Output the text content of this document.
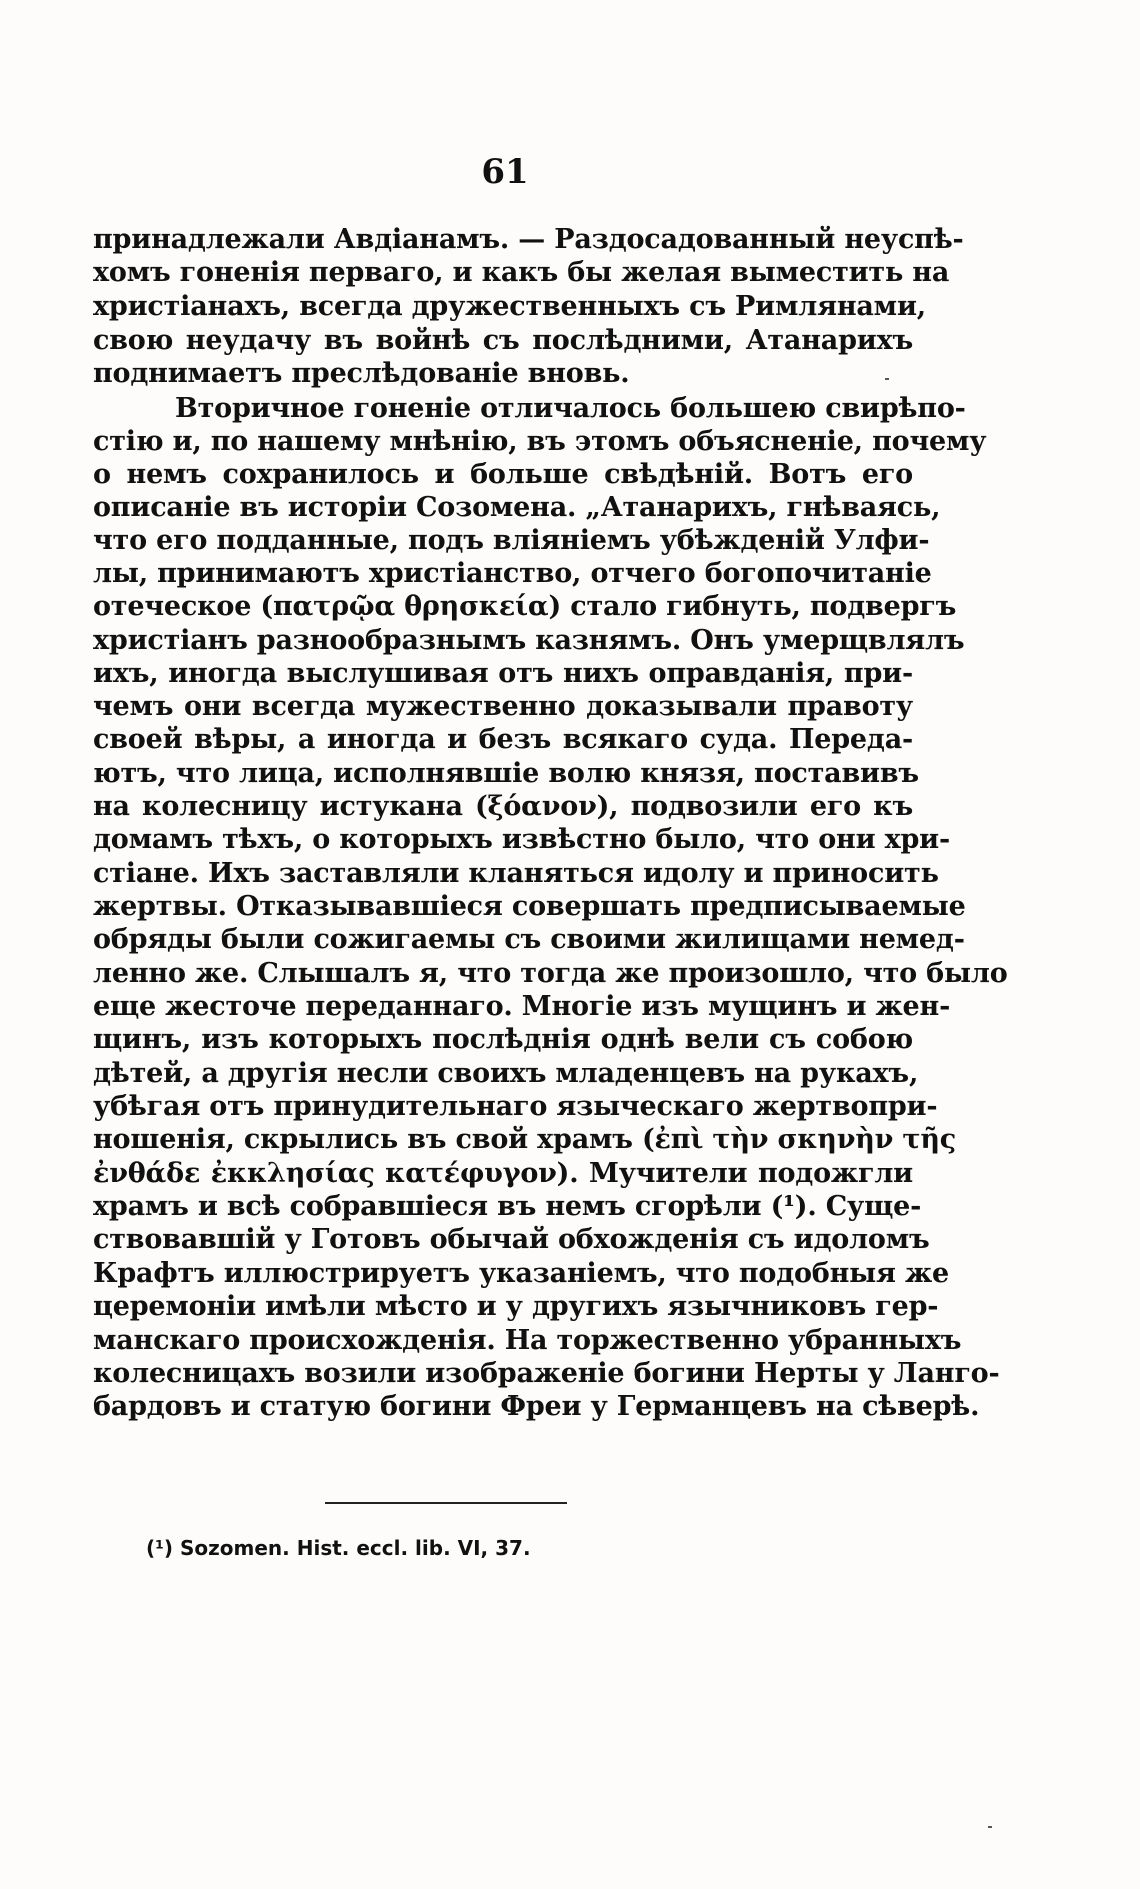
61
принадлежали Авдіанамъ. — Раздосадованный неуспѣ-
хомъ гоненія перваго, и какъ бы желая выместить на
христіанахъ, всегда дружественныхъ съ Римлянами,
свою неудачу въ войнѣ съ послѣдними, Атанарихъ
поднимаетъ преслѣдованіе вновь.
Вторичное гоненіе отличалось большею свирѣпо-
стію и, по нашему мнѣнію, въ этомъ объясненіе, почему
о немъ сохранилось и больше свѣдѣній. Вотъ его
описаніе въ исторіи Созомена. „Атанарихъ, гнѣваясь,
что его подданные, подъ вліяніемъ убѣжденій Улфи-
лы, принимаютъ христіанство, отчего богопочитаніе
отеческое (πατρῷα θρησκεία) стало гибнуть, подвергъ
христіанъ разнообразнымъ казнямъ. Онъ умерщвлялъ
ихъ, иногда выслушивая отъ нихъ оправданія, при-
чемъ они всегда мужественно доказывали правоту
своей вѣры, а иногда и безъ всякаго суда. Переда-
ютъ, что лица, исполнявшіе волю князя, поставивъ
на колесницу истукана (ξόανον), подвозили его къ
домамъ тѣхъ, о которыхъ извѣстно было, что они хри-
стіане. Ихъ заставляли кланяться идолу и приносить
жертвы. Отказывавшіеся совершать предписываемые
обряды были сожигаемы съ своими жилищами немед-
ленно же. Слышалъ я, что тогда же произошло, что было
еще жесточе переданнаго. Многіе изъ мущинъ и жен-
щинъ, изъ которыхъ послѣднія однѣ вели съ собою
дѣтей, а другія несли своихъ младенцевъ на рукахъ,
убѣгая отъ принудительнаго языческаго жертвопри-
ношенія, скрылись въ свой храмъ (ἐπὶ τὴν σκηνὴν τῆς
ἐνθάδε ἐκκλησίας κατέφυγον). Мучители подожгли
храмъ и всѣ собравшіеся въ немъ сгорѣли (¹). Суще-
ствовавшій у Готовъ обычай обхожденія съ идоломъ
Крафтъ иллюстрируетъ указаніемъ, что подобныя же
церемоніи имѣли мѣсто и у другихъ язычниковъ гер-
манскаго происхожденія. На торжественно убранныхъ
колесницахъ возили изображеніе богини Нерты у Ланго-
бардовъ и статую богини Фреи у Германцевъ на сѣверѣ.
(¹) Sozomen. Hist. eccl. lib. VI, 37.
